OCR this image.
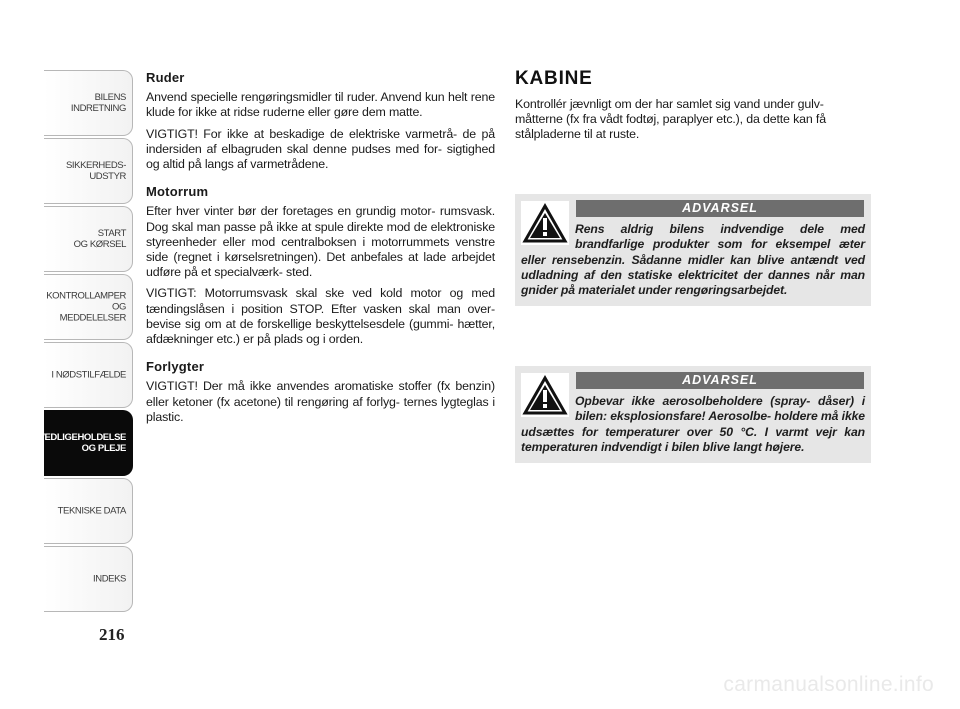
BILENS
INDRETNING
SIKKERHEDS-
UDSTYR
START
OG KØRSEL
KONTROLLAMPER
OG MEDDELELSER
I NØDSTILFÆLDE
VEDLIGEHOLDELSE
OG PLEJE
TEKNISKE DATA
INDEKS
216
Ruder

Anvend specielle rengøringsmidler til ruder. Anvend kun helt rene klude for ikke at ridse ruderne eller gøre dem matte.

VIGTIGT! For ikke at beskadige de elektriske varmetrå- de på indersiden af elbagruden skal denne pudses med for- sigtighed og altid på langs af varmetrådene.

Motorrum

Efter hver vinter bør der foretages en grundig motor- rumsvask. Dog skal man passe på ikke at spule direkte mod de elektroniske styreenheder eller mod centralboksen i motorrummets venstre side (regnet i kørselsretningen). Det anbefales at lade arbejdet udføre på et specialværk- sted.

VIGTIGT: Motorrumsvask skal ske ved kold motor og med tændingslåsen i position STOP. Efter vasken skal man over- bevise sig om at de forskellige beskyttelsesdele (gummi- hætter, afdækninger etc.) er på plads og i orden.

Forlygter

VIGTIGT! Der må ikke anvendes aromatiske stoffer (fx benzin) eller ketoner (fx acetone) til rengøring af forlyg- ternes lygteglas i plastic.

KABINE

Kontrollér jævnligt om der har samlet sig vand under gulv- måtterne (fx fra vådt fodtøj, paraplyer etc.), da dette kan få stålpladerne til at ruste.

ADVARSEL

Rens aldrig bilens indvendige dele med brandfarlige produkter som for eksempel æter eller rensebenzin. Sådanne midler kan blive antændt ved udladning af den statiske elektricitet der dannes når man gnider på materialet under rengøringsarbejdet.

ADVARSEL

Opbevar ikke aerosolbeholdere (spray- dåser) i bilen: eksplosionsfare! Aerosolbe- holdere må ikke udsættes for temperaturer over 50 °C. I varmt vejr kan temperaturen indvendigt i bilen blive langt højere.

carmanualsonline.info
